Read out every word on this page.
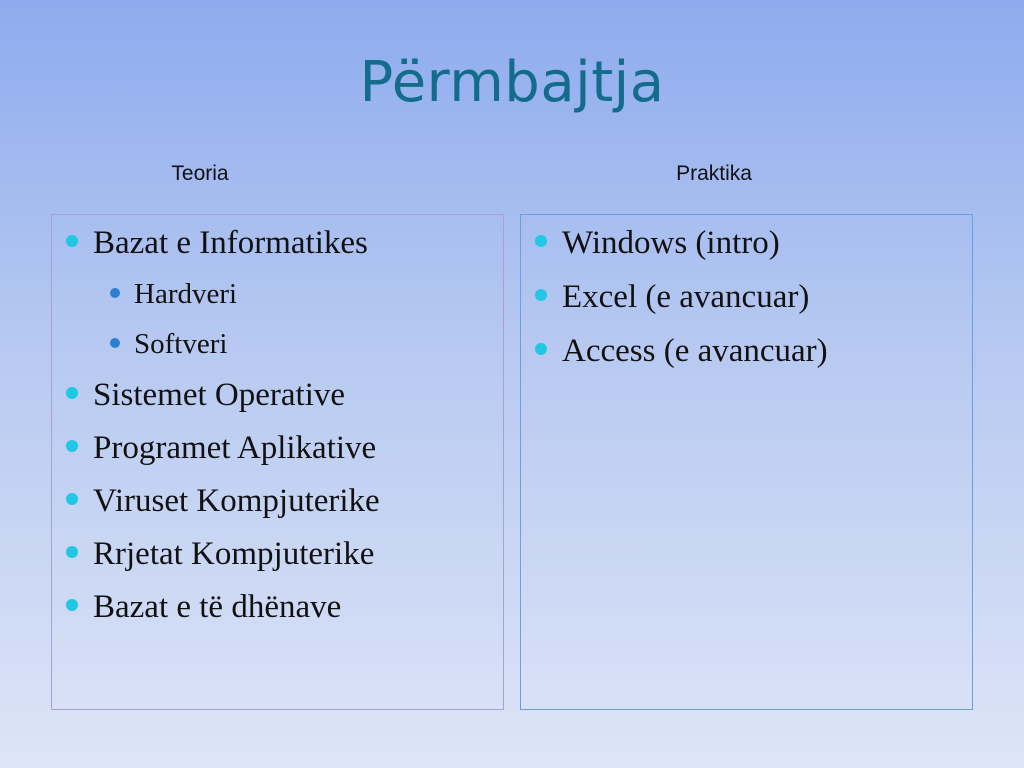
Përmbajtja
Teoria	Praktika
Bazat e Informatikes
Hardveri
Softveri
Sistemet Operative
Programet Aplikative
Viruset Kompjuterike
Rrjetat Kompjuterike
Bazat e të dhënave
Windows (intro)
Excel (e avancuar)
Access (e avancuar)
